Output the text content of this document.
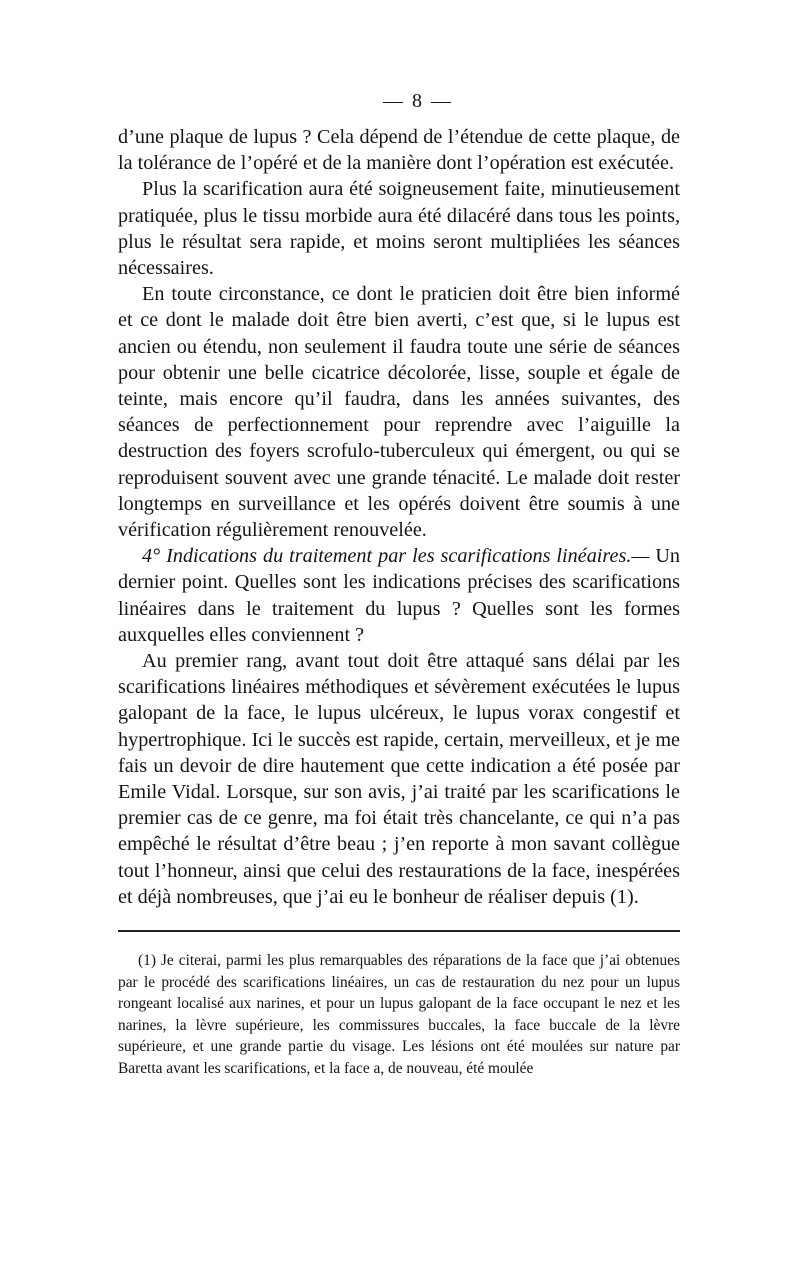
— 8 —

d’une plaque de lupus ? Cela dépend de l’étendue de cette plaque, de la tolérance de l’opéré et de la manière dont l’opération est exécutée.

Plus la scarification aura été soigneusement faite, minutieusement pratiquée, plus le tissu morbide aura été dilacéré dans tous les points, plus le résultat sera rapide, et moins seront multipliées les séances nécessaires.

En toute circonstance, ce dont le praticien doit être bien informé et ce dont le malade doit être bien averti, c’est que, si le lupus est ancien ou étendu, non seulement il faudra toute une série de séances pour obtenir une belle cicatrice décolorée, lisse, souple et égale de teinte, mais encore qu’il faudra, dans les années suivantes, des séances de perfectionnement pour reprendre avec l’aiguille la destruction des foyers scrofulo-tuberculeux qui émergent, ou qui se reproduisent souvent avec une grande ténacité. Le malade doit rester longtemps en surveillance et les opérés doivent être soumis à une vérification régulièrement renouvelée.

4° Indications du traitement par les scarifications linéaires.— Un dernier point. Quelles sont les indications précises des scarifications linéaires dans le traitement du lupus ? Quelles sont les formes auxquelles elles conviennent ?

Au premier rang, avant tout doit être attaqué sans délai par les scarifications linéaires méthodiques et sévèrement exécutées le lupus galopant de la face, le lupus ulcéreux, le lupus vorax congestif et hypertrophique. Ici le succès est rapide, certain, merveilleux, et je me fais un devoir de dire hautement que cette indication a été posée par Emile Vidal. Lorsque, sur son avis, j’ai traité par les scarifications le premier cas de ce genre, ma foi était très chancelante, ce qui n’a pas empêché le résultat d’être beau ; j’en reporte à mon savant collègue tout l’honneur, ainsi que celui des restaurations de la face, inespérées et déjà nombreuses, que j’ai eu le bonheur de réaliser depuis (1).

(1) Je citerai, parmi les plus remarquables des réparations de la face que j’ai obtenues par le procédé des scarifications linéaires, un cas de restauration du nez pour un lupus rongeant localisé aux narines, et pour un lupus galopant de la face occupant le nez et les narines, la lèvre supérieure, les commissures buccales, la face buccale de la lèvre supérieure, et une grande partie du visage. Les lésions ont été moulées sur nature par Baretta avant les scarifications, et la face a, de nouveau, été moulée
